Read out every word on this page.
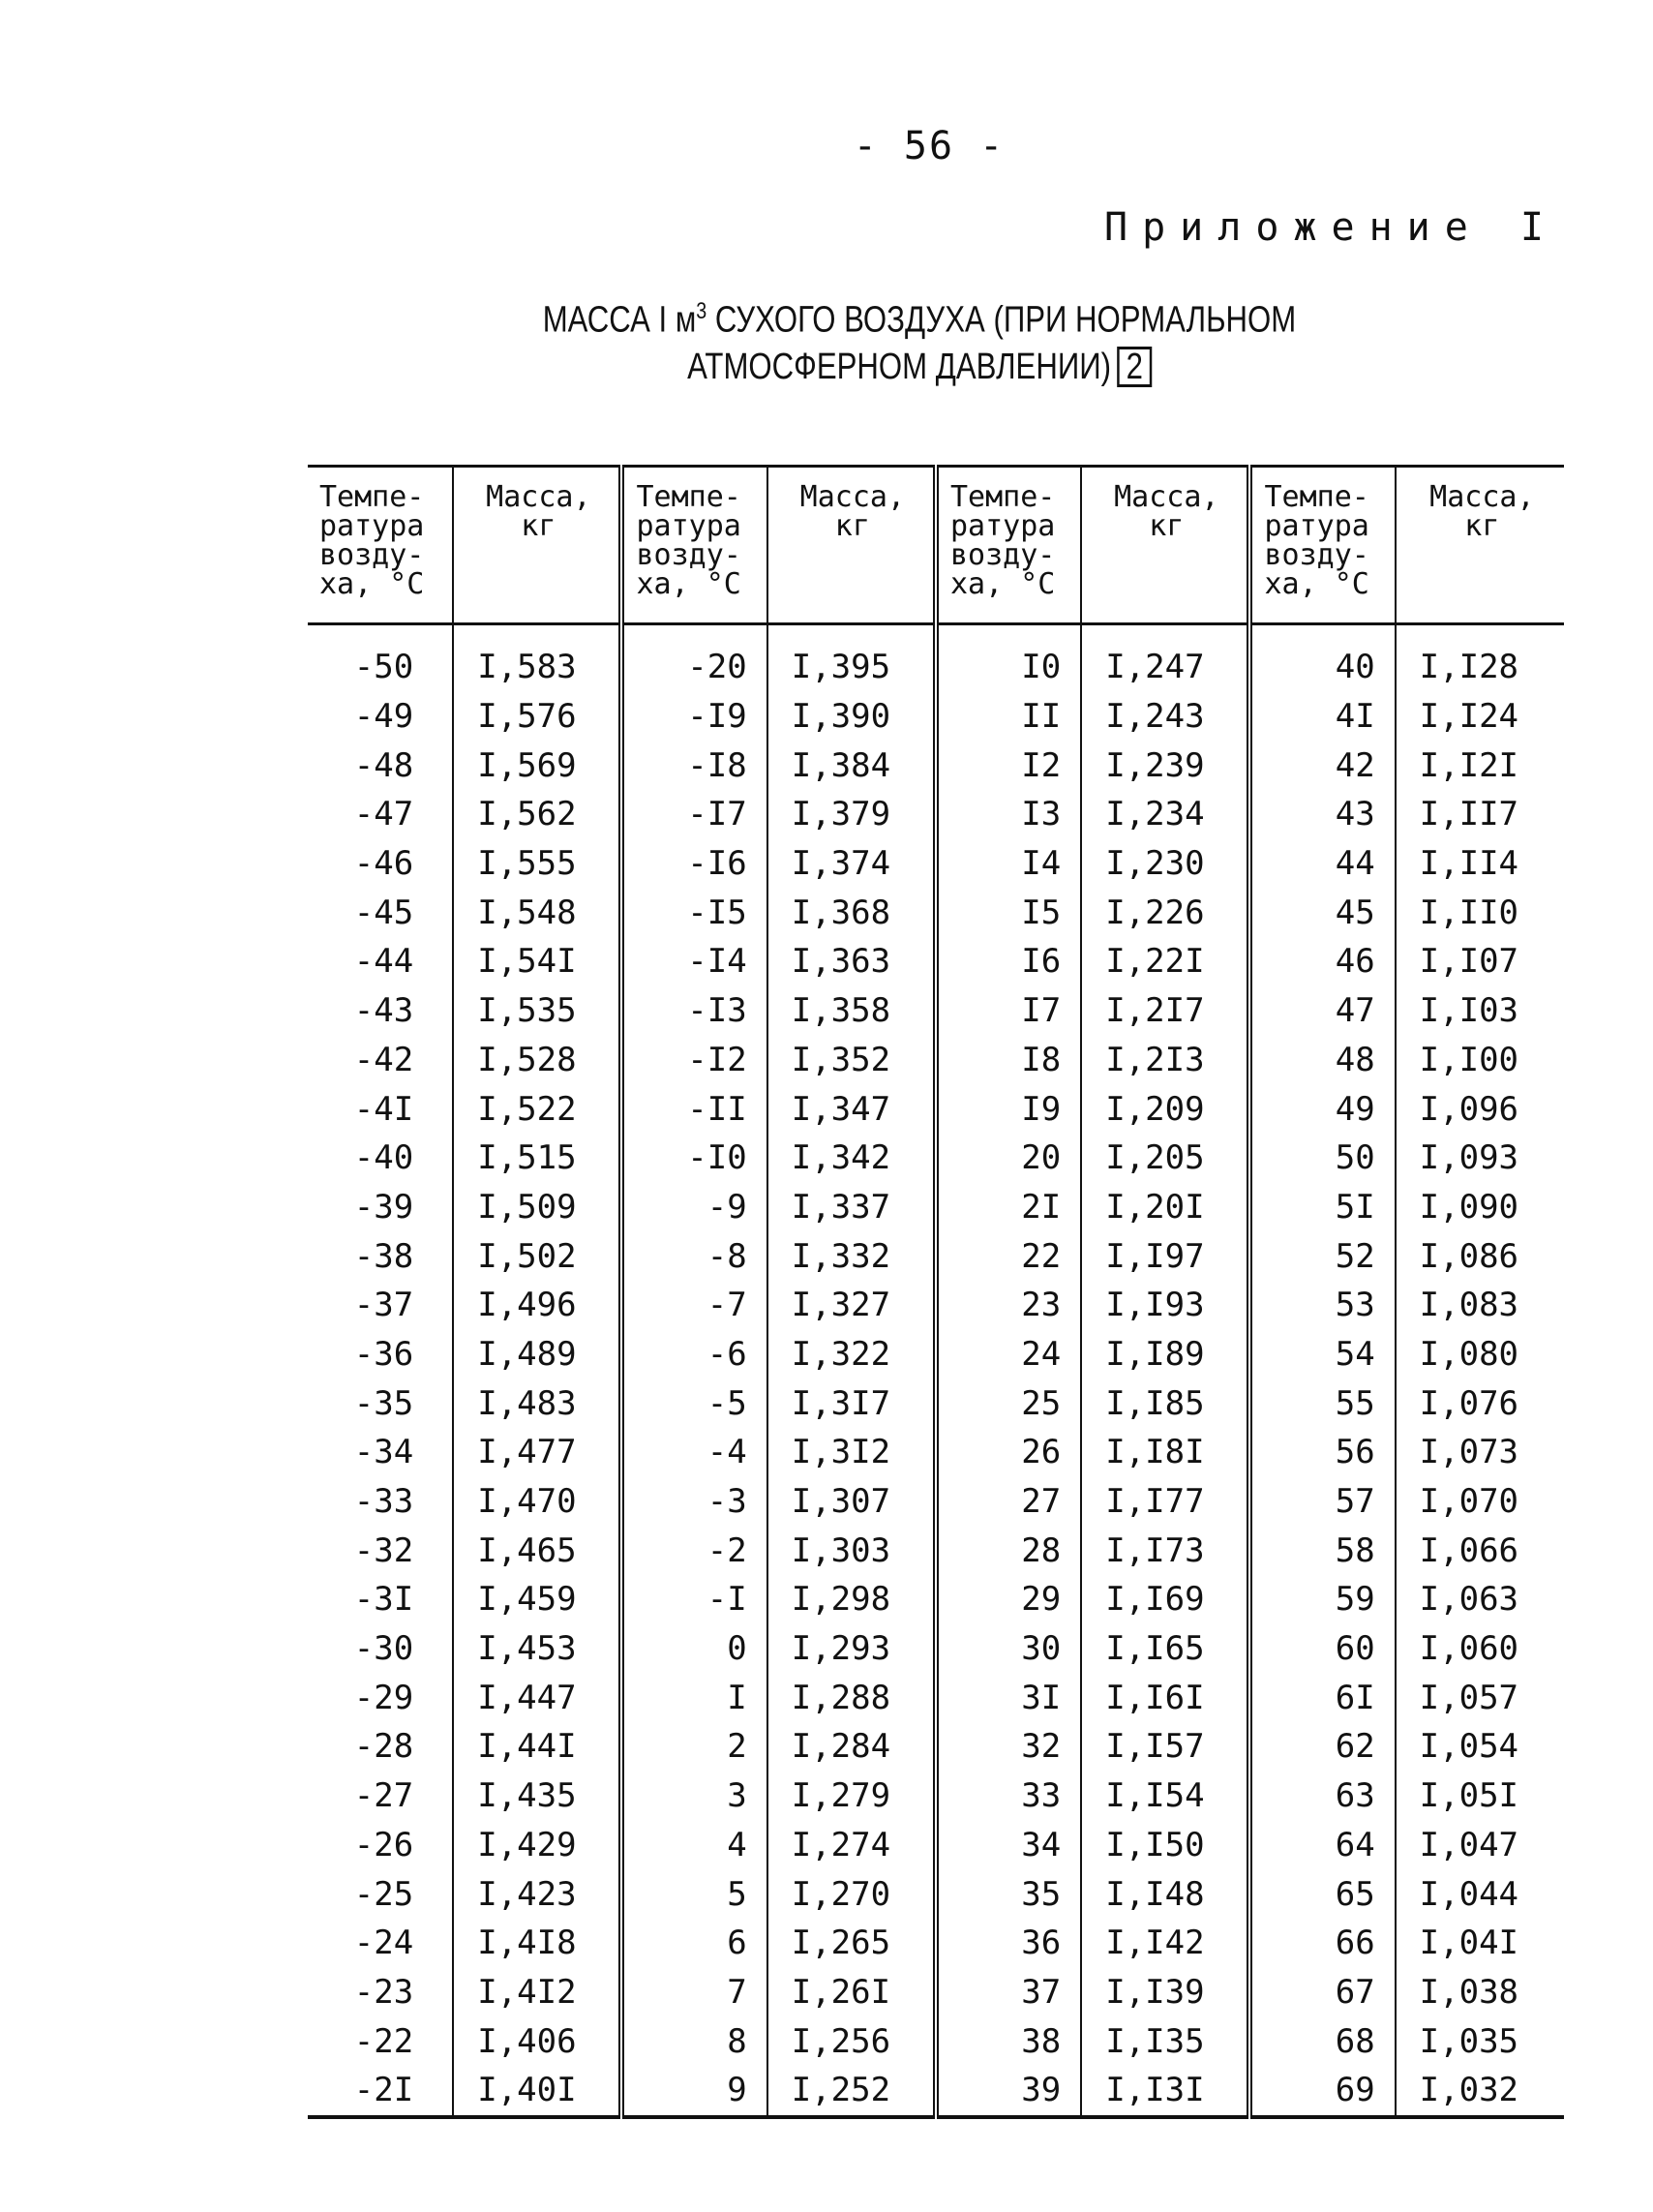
- 56 -
Приложение I
МАССА I $м^3$ СУХОГО ВОЗДУХА (ПРИ НОРМАЛЬНОМ
АТМОСФЕРНОМ ДАВЛЕНИИ) 2
Темпе-
ратура
возду-
ха, °С	Масса,
кг	Темпе-
ратура
возду-
ха, °С	Масса,
кг	Темпе-
ратура
возду-
ха, °С	Масса,
кг	Темпе-
ратура
возду-
ха, °С	Масса,
кг
-50	I,583	-20	I,395	I0	I,247	40	I,I28
-49	I,576	-I9	I,390	II	I,243	4I	I,I24
-48	I,569	-I8	I,384	I2	I,239	42	I,I2I
-47	I,562	-I7	I,379	I3	I,234	43	I,II7
-46	I,555	-I6	I,374	I4	I,230	44	I,II4
-45	I,548	-I5	I,368	I5	I,226	45	I,II0
-44	I,54I	-I4	I,363	I6	I,22I	46	I,I07
-43	I,535	-I3	I,358	I7	I,2I7	47	I,I03
-42	I,528	-I2	I,352	I8	I,2I3	48	I,I00
-4I	I,522	-II	I,347	I9	I,209	49	I,096
-40	I,515	-I0	I,342	20	I,205	50	I,093
-39	I,509	-9	I,337	2I	I,20I	5I	I,090
-38	I,502	-8	I,332	22	I,I97	52	I,086
-37	I,496	-7	I,327	23	I,I93	53	I,083
-36	I,489	-6	I,322	24	I,I89	54	I,080
-35	I,483	-5	I,3I7	25	I,I85	55	I,076
-34	I,477	-4	I,3I2	26	I,I8I	56	I,073
-33	I,470	-3	I,307	27	I,I77	57	I,070
-32	I,465	-2	I,303	28	I,I73	58	I,066
-3I	I,459	-I	I,298	29	I,I69	59	I,063
-30	I,453	0	I,293	30	I,I65	60	I,060
-29	I,447	I	I,288	3I	I,I6I	6I	I,057
-28	I,44I	2	I,284	32	I,I57	62	I,054
-27	I,435	3	I,279	33	I,I54	63	I,05I
-26	I,429	4	I,274	34	I,I50	64	I,047
-25	I,423	5	I,270	35	I,I48	65	I,044
-24	I,4I8	6	I,265	36	I,I42	66	I,04I
-23	I,4I2	7	I,26I	37	I,I39	67	I,038
-22	I,406	8	I,256	38	I,I35	68	I,035
-2I	I,40I	9	I,252	39	I,I3I	69	I,032
